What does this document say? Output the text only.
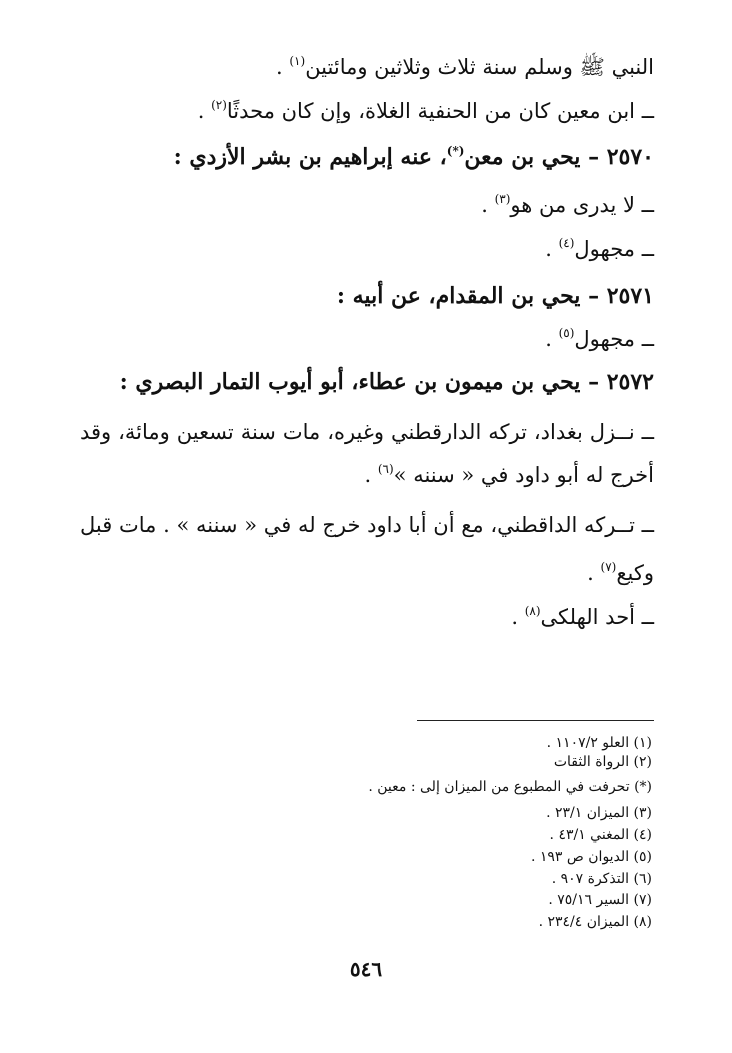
النبي ﷺ وسلم سنة ثلاث وثلاثين ومائتين$^{(١)}$ .
ــ ابن معين كان من الحنفية الغلاة، وإن كان محدثًا$^{(٢)}$ .
٢٥٧٠ – يحي بن معن(*)، عنه إبراهيم بن بشر الأزدي :
ــ لا يدرى من هو$^{(٣)}$ .
ــ مجهول$^{(٤)}$ .
٢٥٧١ – يحي بن المقدام، عن أبيه :
ــ مجهول$^{(٥)}$ .
٢٥٧٢ – يحي بن ميمون بن عطاء، أبو أيوب التمار البصري :
ــ نــزل بغداد، تركه الدارقطني وغيره، مات سنة تسعين ومائة، وقد
أخرج له أبو داود في « سننه »$^{(٦)}$ .
ــ تــركه الداقطني، مع أن أبا داود خرج له في « سننه » . مات قبل
وكيع$^{(٧)}$ .
ــ أحد الهلكى$^{(٨)}$ .
(١) العلو ١١٠٧/٢ .
(٢) الرواة الثقات
(*) تحرفت في المطبوع من الميزان إلى : معين .
(٣) الميزان ٢٣/١ .
(٤) المغني ٤٣/١ .
(٥) الديوان ص ١٩٣ .
(٦) التذكرة ٩٠٧ .
(٧) السير ٧٥/١٦ .
(٨) الميزان ٢٣٤/٤ .
٥٤٦
